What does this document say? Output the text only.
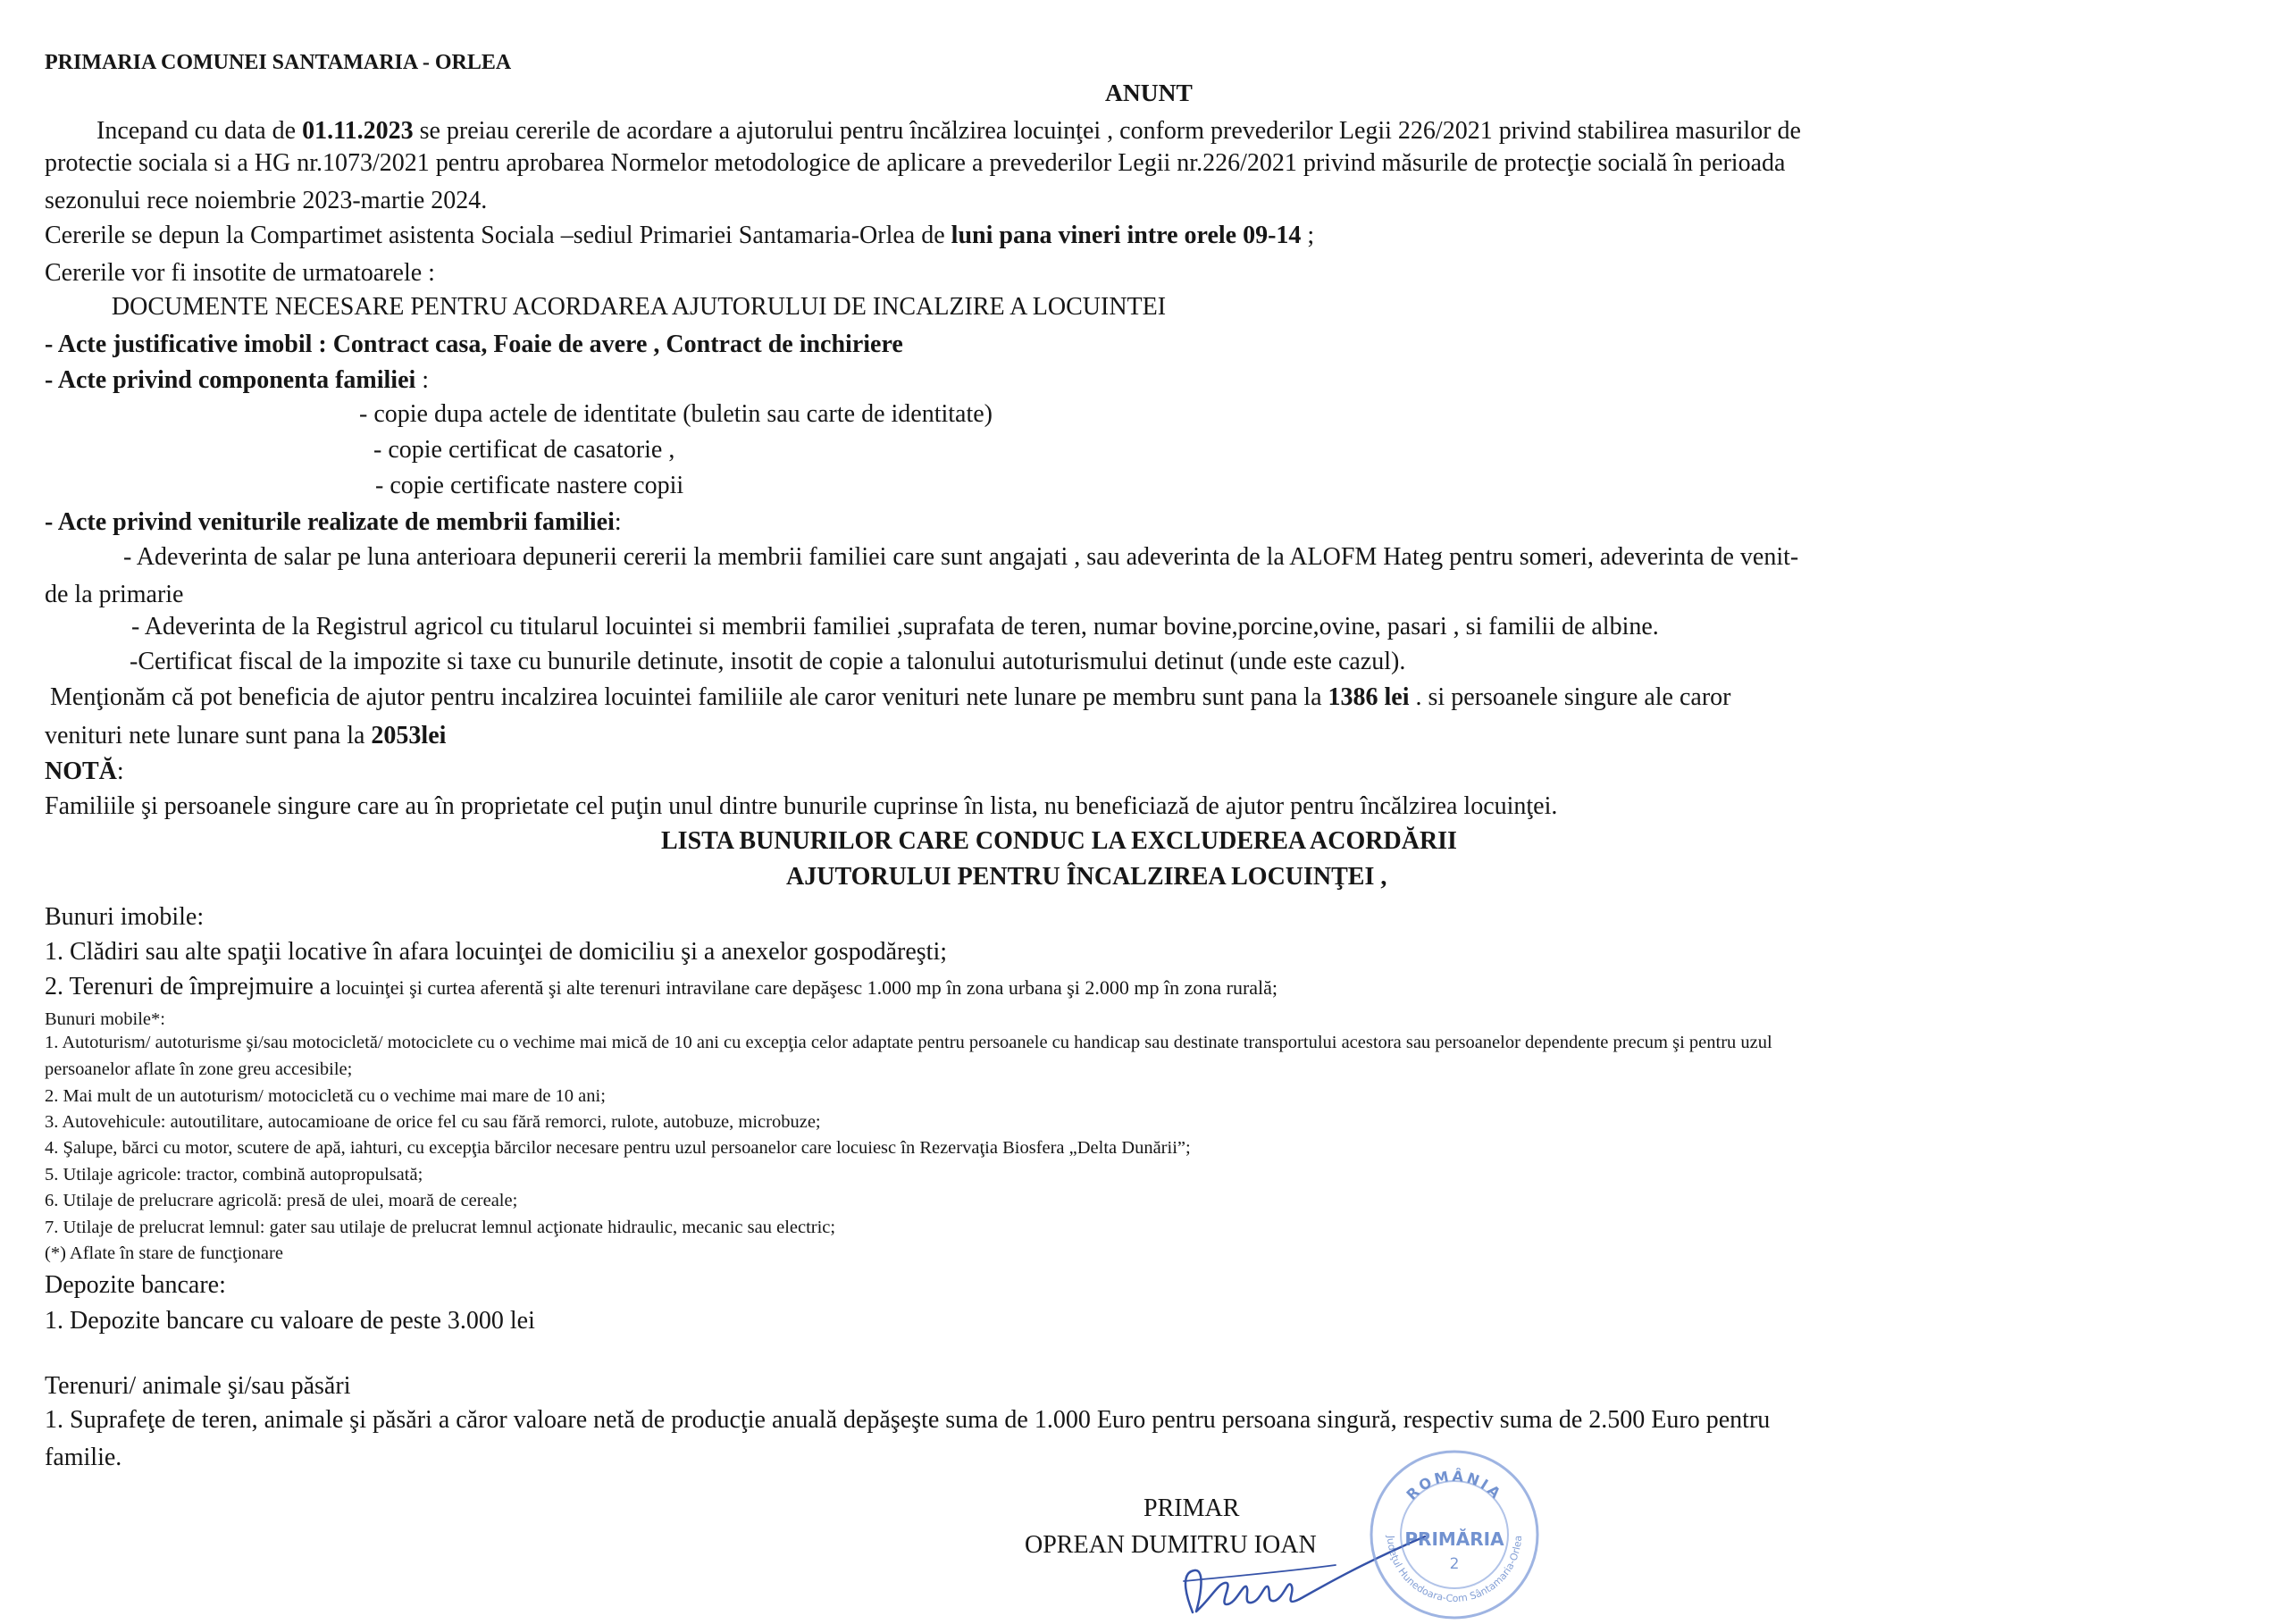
PRIMARIA COMUNEI SANTAMARIA - ORLEA
ANUNT
Incepand cu data de 01.11.2023 se preiau cererile de acordare a ajutorului pentru încălzirea locuinţei , conform prevederilor Legii 226/2021 privind stabilirea masurilor de
protectie sociala si a HG nr.1073/2021 pentru aprobarea Normelor metodologice de aplicare a prevederilor Legii nr.226/2021 privind măsurile de protecţie socială în perioada
sezonului rece noiembrie 2023-martie 2024.
Cererile se depun la Compartimet asistenta Sociala –sediul Primariei Santamaria-Orlea de luni pana vineri intre orele 09-14 ;
Cererile vor fi insotite de urmatoarele :
DOCUMENTE NECESARE PENTRU ACORDAREA AJUTORULUI DE INCALZIRE A LOCUINTEI
- Acte justificative imobil : Contract casa, Foaie de avere , Contract de inchiriere
- Acte privind componenta familiei :
- copie dupa actele de identitate (buletin sau carte de identitate)
- copie certificat de casatorie ,
- copie certificate nastere copii
- Acte privind veniturile realizate de membrii familiei:
- Adeverinta de salar pe luna anterioara depunerii cererii la membrii familiei care sunt angajati , sau adeverinta de la ALOFM Hateg pentru someri, adeverinta de venit-
de la primarie
- Adeverinta de la Registrul agricol cu titularul locuintei si membrii familiei ,suprafata de teren, numar bovine,porcine,ovine, pasari , si familii de albine.
-Certificat fiscal de la impozite si taxe cu bunurile detinute, insotit de copie a talonului autoturismului detinut (unde este cazul).
Menţionăm că pot beneficia de ajutor pentru incalzirea locuintei familiile ale caror venituri nete lunare pe membru sunt pana la 1386 lei . si persoanele singure ale caror
venituri nete lunare sunt pana la 2053lei
NOTĂ:
Familiile şi persoanele singure care au în proprietate cel puţin unul dintre bunurile cuprinse în lista, nu beneficiază de ajutor pentru încălzirea locuinţei.
LISTA BUNURILOR CARE CONDUC LA EXCLUDEREA ACORDĂRII
AJUTORULUI PENTRU ÎNCALZIREA LOCUINŢEI ,
Bunuri imobile:
1. Clădiri sau alte spaţii locative în afara locuinţei de domiciliu şi a anexelor gospodăreşti;
2. Terenuri de împrejmuire a locuinţei şi curtea aferentă şi alte terenuri intravilane care depăşesc 1.000 mp în zona urbana şi 2.000 mp în zona rurală;
Bunuri mobile*:
1. Autoturism/ autoturisme şi/sau motocicletă/ motociclete cu o vechime mai mică de 10 ani cu excepţia celor adaptate pentru persoanele cu handicap sau destinate transportului acestora sau persoanelor dependente precum şi pentru uzul
persoanelor aflate în zone greu accesibile;
2. Mai mult de un autoturism/ motocicletă cu o vechime mai mare de 10 ani;
3. Autovehicule: autoutilitare, autocamioane de orice fel cu sau fără remorci, rulote, autobuze, microbuze;
4. Şalupe, bărci cu motor, scutere de apă, iahturi, cu excepţia bărcilor necesare pentru uzul persoanelor care locuiesc în Rezervaţia Biosfera „Delta Dunării”;
5. Utilaje agricole: tractor, combină autopropulsată;
6. Utilaje de prelucrare agricolă: presă de ulei, moară de cereale;
7. Utilaje de prelucrat lemnul: gater sau utilaje de prelucrat lemnul acţionate hidraulic, mecanic sau electric;
(*) Aflate în stare de funcţionare
Depozite bancare:
1. Depozite bancare cu valoare de peste 3.000 lei
Terenuri/ animale şi/sau păsări
1. Suprafeţe de teren, animale şi păsări a căror valoare netă de producţie anuală depăşeşte suma de 1.000 Euro pentru persoana singură, respectiv suma de 2.500 Euro pentru
familie.
PRIMAR
OPREAN DUMITRU IOAN
ROMÂNIA
Judeţul Hunedoara-Com Sântamaria-Orlea
PRIMĂRIA
2
